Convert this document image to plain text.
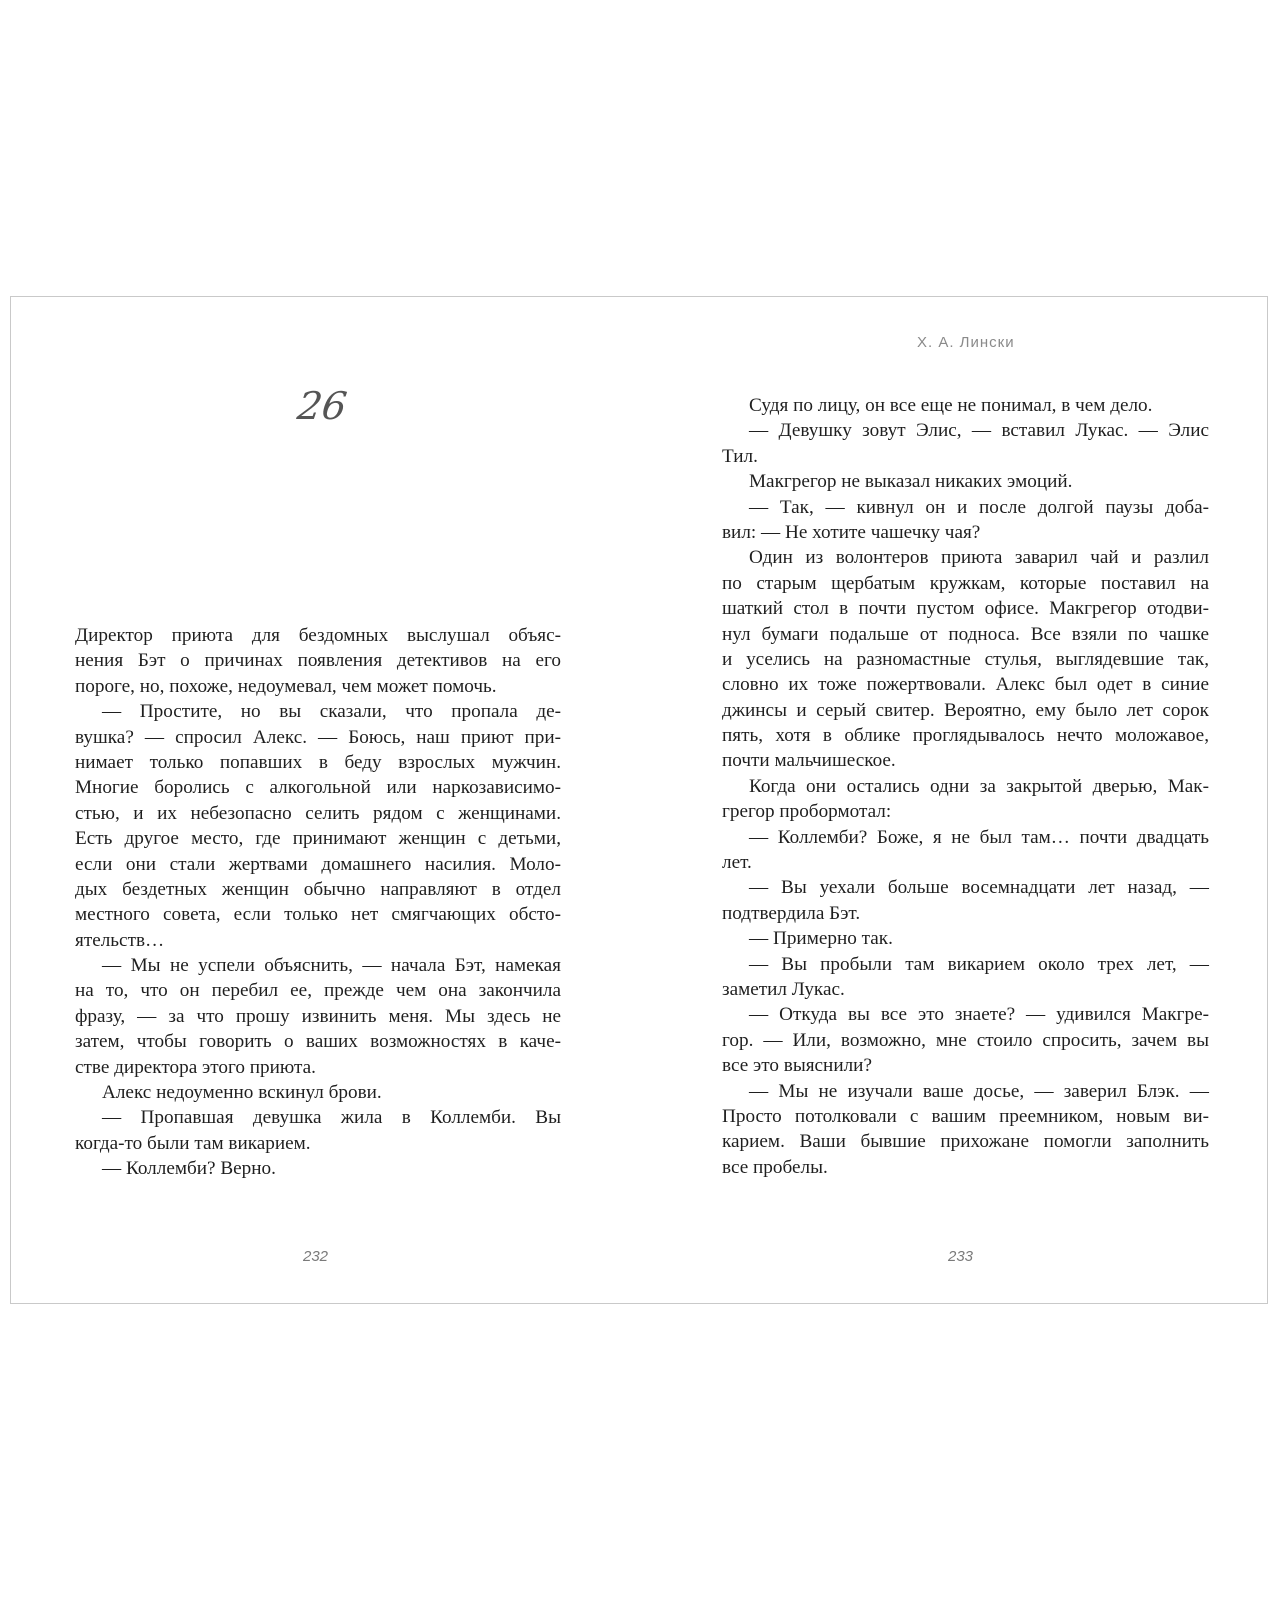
Х. А. Лински
26
Директор приюта для бездомных выслушал объяс-
нения Бэт о причинах появления детективов на его
пороге, но, похоже, недоумевал, чем может помочь.
— Простите, но вы сказали, что пропала де-
вушка? — спросил Алекс. — Боюсь, наш приют при-
нимает только попавших в беду взрослых мужчин.
Многие боролись с алкогольной или наркозависимо-
стью, и их небезопасно селить рядом с женщинами.
Есть другое место, где принимают женщин с детьми,
если они стали жертвами домашнего насилия. Моло-
дых бездетных женщин обычно направляют в отдел
местного совета, если только нет смягчающих обсто-
ятельств…
— Мы не успели объяснить, — начала Бэт, намекая
на то, что он перебил ее, прежде чем она закончила
фразу, — за что прошу извинить меня. Мы здесь не
затем, чтобы говорить о ваших возможностях в каче-
стве директора этого приюта.
Алекс недоуменно вскинул брови.
— Пропавшая девушка жила в Коллемби. Вы
когда-то были там викарием.
— Коллемби? Верно.
Судя по лицу, он все еще не понимал, в чем дело.
— Девушку зовут Элис, — вставил Лукас. — Элис
Тил.
Макгрегор не выказал никаких эмоций.
— Так, — кивнул он и после долгой паузы доба-
вил: — Не хотите чашечку чая?
Один из волонтеров приюта заварил чай и разлил
по старым щербатым кружкам, которые поставил на
шаткий стол в почти пустом офисе. Макгрегор отодви-
нул бумаги подальше от подноса. Все взяли по чашке
и уселись на разномастные стулья, выглядевшие так,
словно их тоже пожертвовали. Алекс был одет в синие
джинсы и серый свитер. Вероятно, ему было лет сорок
пять, хотя в облике проглядывалось нечто моложавое,
почти мальчишеское.
Когда они остались одни за закрытой дверью, Мак-
грегор пробормотал:
— Коллемби? Боже, я не был там… почти двадцать
лет.
— Вы уехали больше восемнадцати лет назад, —
подтвердила Бэт.
— Примерно так.
— Вы пробыли там викарием около трех лет, —
заметил Лукас.
— Откуда вы все это знаете? — удивился Макгре-
гор. — Или, возможно, мне стоило спросить, зачем вы
все это выяснили?
— Мы не изучали ваше досье, — заверил Блэк. —
Просто потолковали с вашим преемником, новым ви-
карием. Ваши бывшие прихожане помогли заполнить
все пробелы.
232	233
